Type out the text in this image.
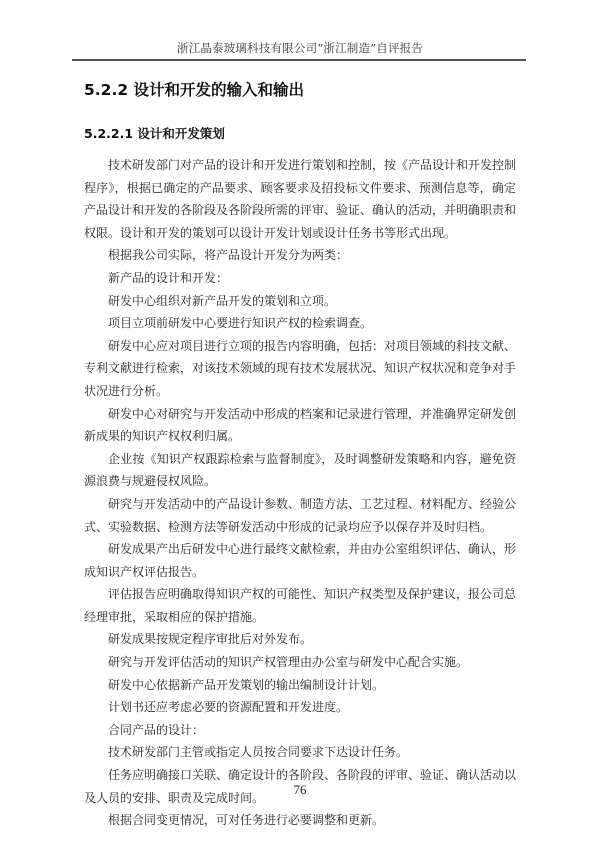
浙江晶泰玻璃科技有限公司“浙江制造”自评报告
5.2.2 设计和开发的输入和输出
5.2.2.1 设计和开发策划

技术研发部门对产品的设计和开发进行策划和控制，按《产品设计和开发控制程序》，根据已确定的产品要求、顾客要求及招投标文件要求、预测信息等，确定产品设计和开发的各阶段及各阶段所需的评审、验证、确认的活动，并明确职责和权限。设计和开发的策划可以设计开发计划或设计任务书等形式出现。

根据我公司实际，将产品设计开发分为两类：

新产品的设计和开发：

研发中心组织对新产品开发的策划和立项。

项目立项前研发中心要进行知识产权的检索调查。

研发中心应对项目进行立项的报告内容明确，包括：对项目领域的科技文献、专利文献进行检索，对该技术领域的现有技术发展状况、知识产权状况和竞争对手状况进行分析。

研发中心对研究与开发活动中形成的档案和记录进行管理，并准确界定研发创新成果的知识产权权利归属。

企业按《知识产权跟踪检索与监督制度》，及时调整研发策略和内容，避免资源浪费与规避侵权风险。

研究与开发活动中的产品设计参数、制造方法、工艺过程、材料配方、经验公式、实验数据、检测方法等研发活动中形成的记录均应予以保存并及时归档。

研发成果产出后研发中心进行最终文献检索，并由办公室组织评估、确认，形成知识产权评估报告。

评估报告应明确取得知识产权的可能性、知识产权类型及保护建议，报公司总经理审批，采取相应的保护措施。

研发成果按规定程序审批后对外发布。

研究与开发评估活动的知识产权管理由办公室与研发中心配合实施。

研发中心依据新产品开发策划的输出编制设计计划。

计划书还应考虑必要的资源配置和开发进度。

合同产品的设计：

技术研发部门主管或指定人员按合同要求下达设计任务。

任务应明确接口关联、确定设计的各阶段、各阶段的评审、验证、确认活动以及人员的安排、职责及完成时间。

根据合同变更情况，可对任务进行必要调整和更新。

76
